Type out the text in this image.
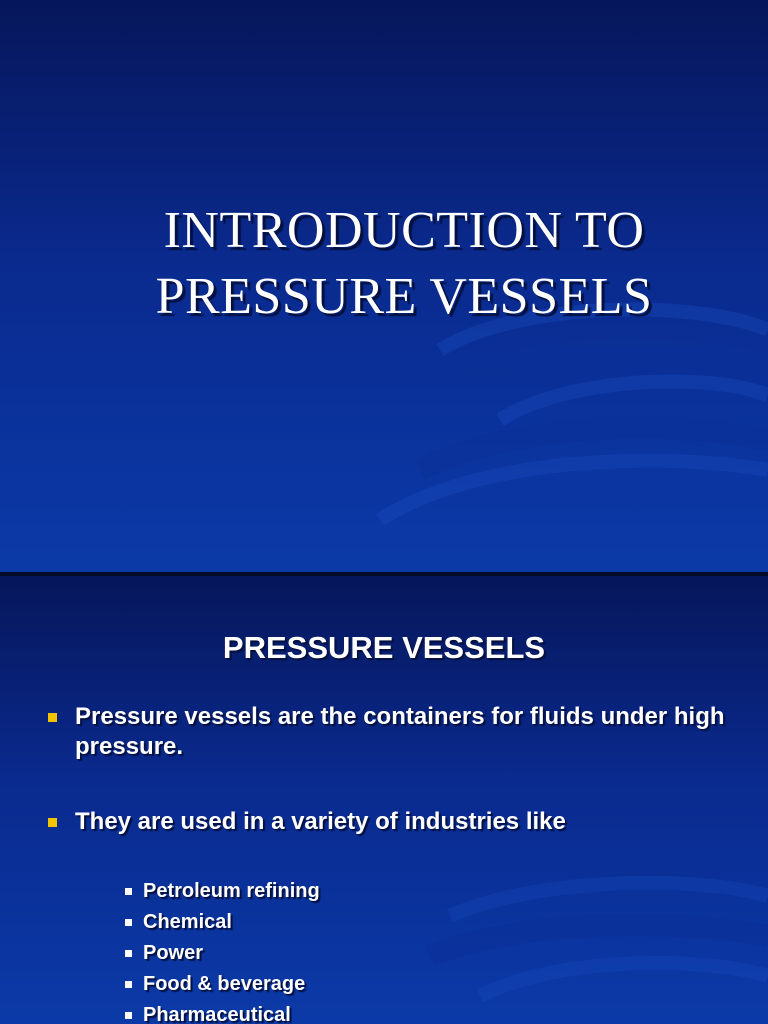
INTRODUCTION TO
PRESSURE VESSELS
PRESSURE VESSELS
Pressure vessels are the containers for fluids under high pressure.
They are used in a variety of industries like
Petroleum refining
Chemical
Power
Food & beverage
Pharmaceutical
